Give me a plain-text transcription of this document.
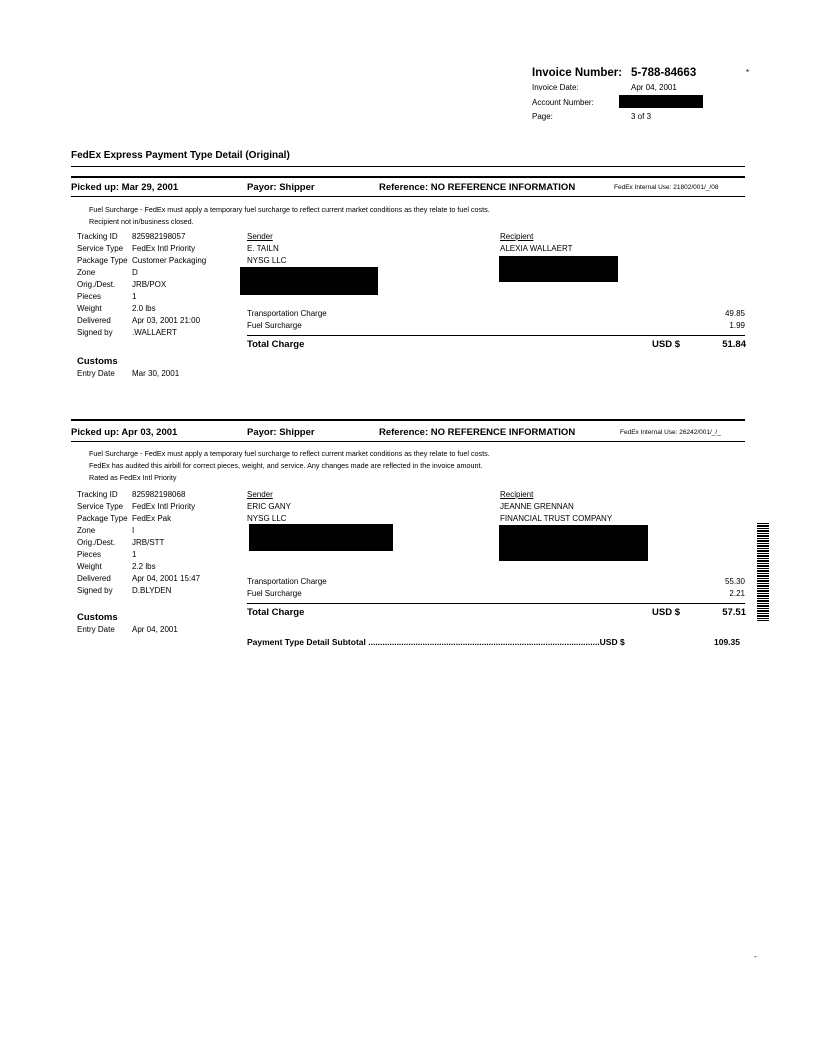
Invoice Number: 5-788-84663	*
Invoice Date:	Apr 04, 2001
Account Number:
Page:	3 of 3
FedEx Express Payment Type Detail (Original)
Picked up: Mar 29, 2001	Payor: Shipper	Reference: NO REFERENCE INFORMATION	FedEx Internal Use: 21802/001/_/08
Fuel Surcharge - FedEx must apply a temporary fuel surcharge to reflect current market conditions as they relate to fuel costs.
Recipient not in/business closed.
Tracking ID 825982198057
Service Type FedEx Intl Priority
Package Type Customer Packaging
Zone	D
Orig./Dest. JRB/POX
Pieces	1
Weight	2.0 lbs
Delivered	Apr 03, 2001 21:00
Signed by .WALLAERT
Sender
E. TAILN
NYSG LLC
Recipient
ALEXIA WALLAERT
Transportation Charge	49.85
Fuel Surcharge	1.99
Total Charge	USD $	51.84
Customs
Entry Date Mar 30, 2001
Picked up: Apr 03, 2001	Payor: Shipper	Reference: NO REFERENCE INFORMATION	FedEx Internal Use: 26242/001/_/_
Fuel Surcharge - FedEx must apply a temporary fuel surcharge to reflect current market conditions as they relate to fuel costs.
FedEx has audited this airbill for correct pieces, weight, and service. Any changes made are reflected in the invoice amount.
Rated as FedEx Intl Priority
Tracking ID 825982198068
Service Type FedEx Intl Priority
Package Type FedEx Pak
Zone	I
Orig./Dest. JRB/STT
Pieces	1
Weight	2.2 lbs
Delivered	Apr 04, 2001 15:47
Signed by D.BLYDEN
Sender
ERIC GANY
NYSG LLC
Recipient
JEANNE GRENNAN
FINANCIAL TRUST COMPANY
Transportation Charge	55.30
Fuel Surcharge	2.21
Total Charge	USD $	57.51
Customs
Entry Date Apr 04, 2001
Payment Type Detail Subtotal ..................................................................................................USD $	109.35
-
